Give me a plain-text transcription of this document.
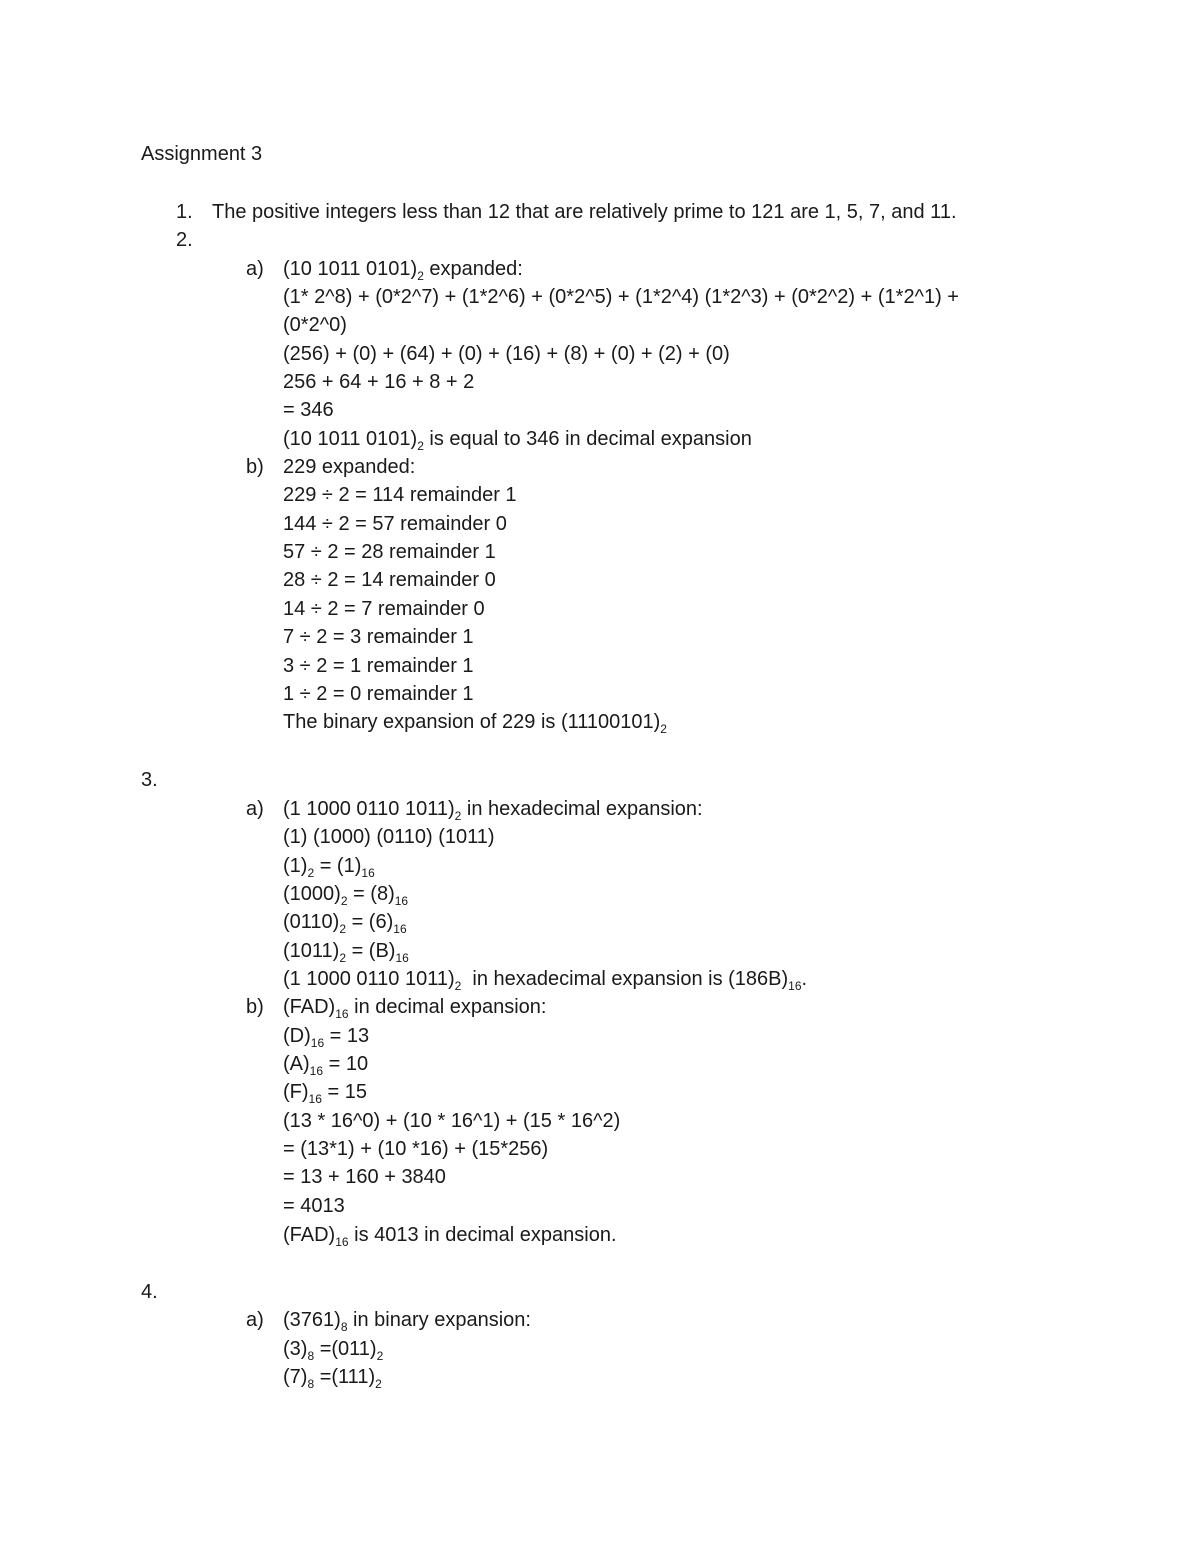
Assignment 3
1. The positive integers less than 12 that are relatively prime to 121 are 1, 5, 7, and 11.
2.
a) (10 1011 $0101)_2$ expanded:
(1* 2^8) + (0*2^7) + (1*2^6) + (0*2^5) + (1*2^4) (1*2^3) + (0*2^2) + (1*2^1) +
(0*2^0)
(256) + (0) + (64) + (0) + (16) + (8) + (0) + (2) + (0)
256 + 64 + 16 + 8 + 2
= 346
(10 1011 $0101)_2$ is equal to 346 in decimal expansion
b) 229 expanded:
229 ÷ 2 = 114 remainder 1
144 ÷ 2 = 57 remainder 0
57 ÷ 2 = 28 remainder 1
28 ÷ 2 = 14 remainder 0
14 ÷ 2 = 7 remainder 0
7 ÷ 2 = 3 remainder 1
3 ÷ 2 = 1 remainder 1
1 ÷ 2 = 0 remainder 1
The binary expansion of 229 is $(11100101)_2$
3.
a) (1 1000 0110 $1011)_2$ in hexadecimal expansion:
(1) (1000) (0110) (1011)
$(1)_2 = (1)_{16}$
$(1000)_2 = (8)_{16}$
$(0110)_2 = (6)_{16}$
$(1011)_2 = (B)_{16}$
(1 1000 0110 $1011)_2$  in hexadecimal expansion is $(186B)_{16}$.
b) $(FAD)_{16}$ in decimal expansion:
$(D)_{16} = 13$
$(A)_{16} = 10$
$(F)_{16} = 15$
(13 * 16^0) + (10 * 16^1) + (15 * 16^2)
= (13*1) + (10 *16) + (15*256)
= 13 + 160 + 3840
= 4013
$(FAD)_{16}$ is 4013 in decimal expansion.
4.
a) $(3761)_8$ in binary expansion:
$(3)_8 =(011)_2$
$(7)_8 =(111)_2$
